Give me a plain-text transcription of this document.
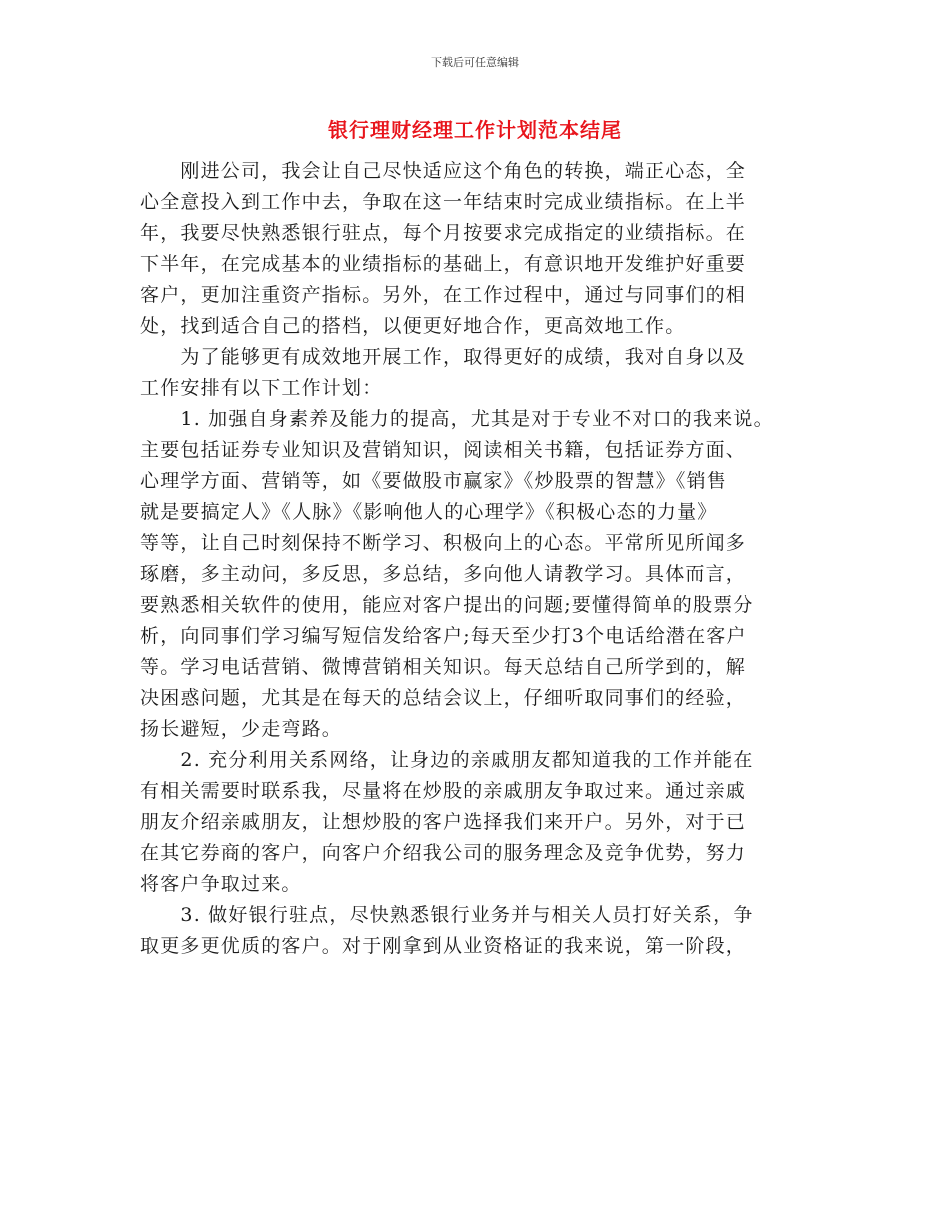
下载后可任意编辑
银行理财经理工作计划范本结尾
　　刚进公司，我会让自己尽快适应这个角色的转换，端正心态，全
心全意投入到工作中去，争取在这一年结束时完成业绩指标。在上半
年，我要尽快熟悉银行驻点，每个月按要求完成指定的业绩指标。在
下半年，在完成基本的业绩指标的基础上，有意识地开发维护好重要
客户，更加注重资产指标。另外，在工作过程中，通过与同事们的相
处，找到适合自己的搭档，以便更好地合作，更高效地工作。
　　为了能够更有成效地开展工作，取得更好的成绩，我对自身以及
工作安排有以下工作计划：
　　1. 加强自身素养及能力的提高，尤其是对于专业不对口的我来说。
主要包括证券专业知识及营销知识，阅读相关书籍，包括证券方面、
心理学方面、营销等，如《要做股市赢家》《炒股票的智慧》《销售
就是要搞定人》《人脉》《影响他人的心理学》《积极心态的力量》
等等，让自己时刻保持不断学习、积极向上的心态。平常所见所闻多
琢磨，多主动问，多反思，多总结，多向他人请教学习。具体而言，
要熟悉相关软件的使用，能应对客户提出的问题;要懂得简单的股票分
析，向同事们学习编写短信发给客户;每天至少打3个电话给潜在客户
等。学习电话营销、微博营销相关知识。每天总结自己所学到的，解
决困惑问题，尤其是在每天的总结会议上，仔细听取同事们的经验，
扬长避短，少走弯路。
　　2. 充分利用关系网络，让身边的亲戚朋友都知道我的工作并能在
有相关需要时联系我，尽量将在炒股的亲戚朋友争取过来。通过亲戚
朋友介绍亲戚朋友，让想炒股的客户选择我们来开户。另外，对于已
在其它券商的客户，向客户介绍我公司的服务理念及竞争优势，努力
将客户争取过来。
　　3. 做好银行驻点，尽快熟悉银行业务并与相关人员打好关系，争
取更多更优质的客户。对于刚拿到从业资格证的我来说，第一阶段，
